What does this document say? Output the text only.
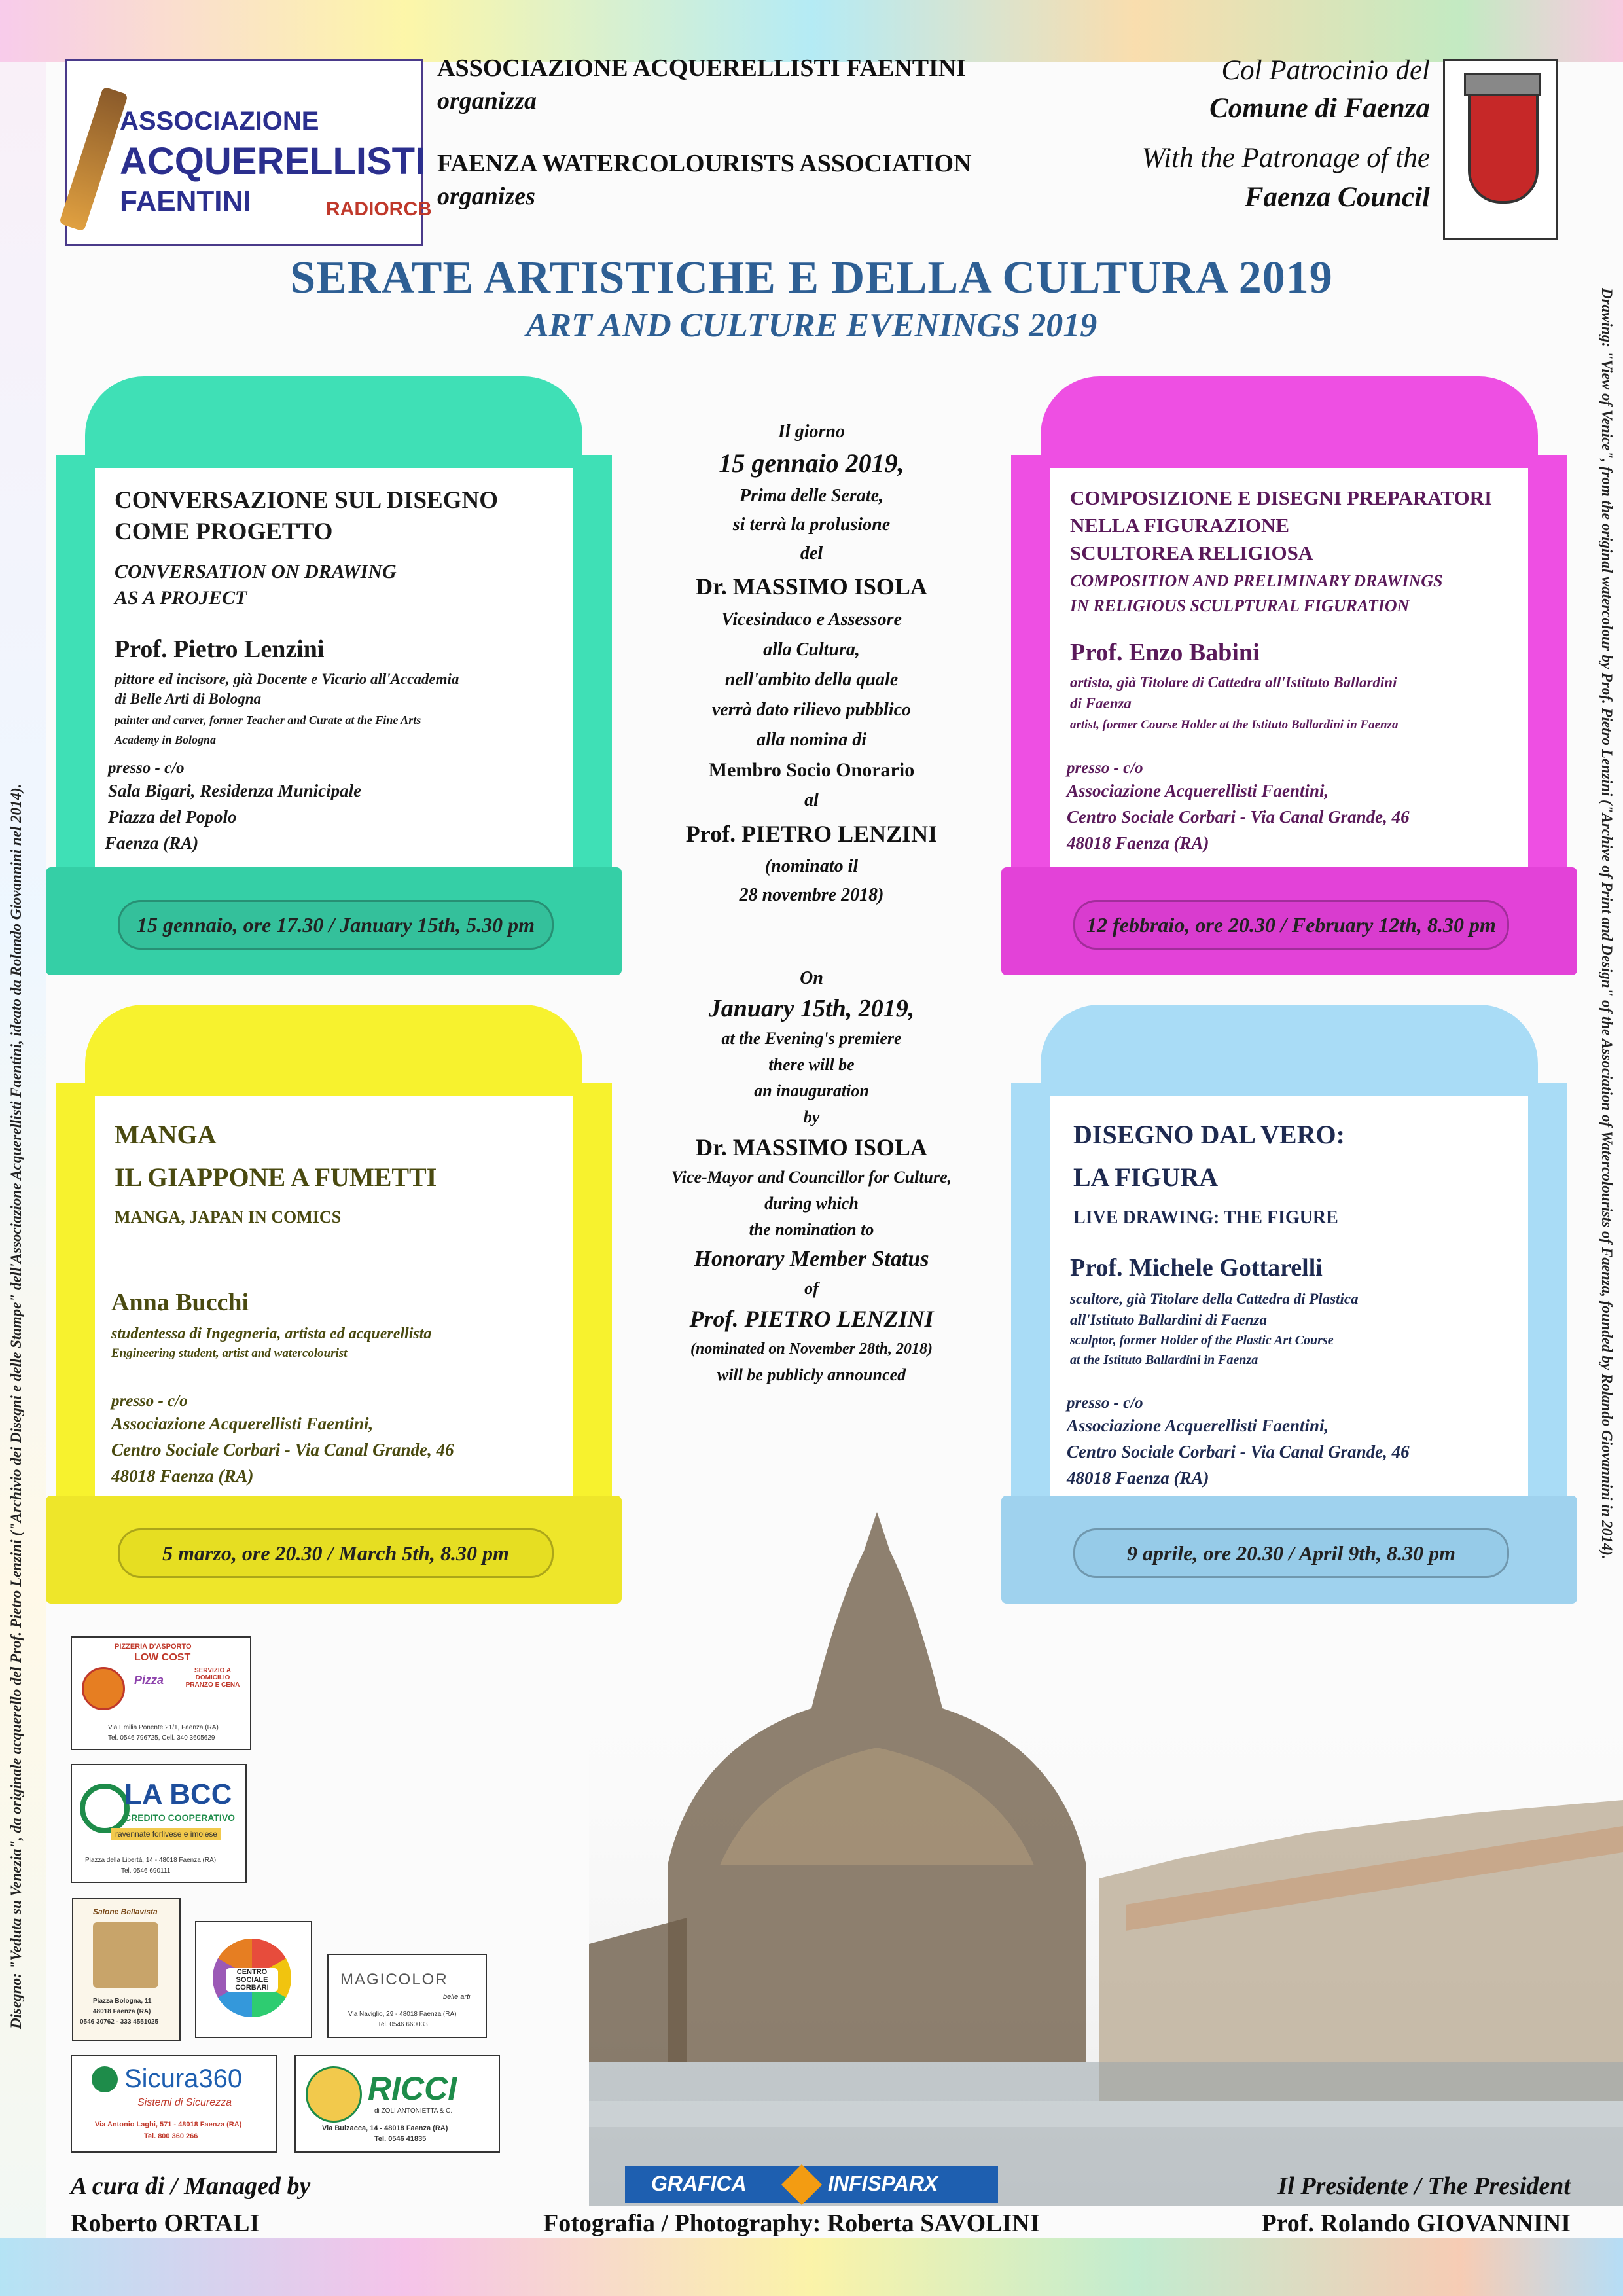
ASSOCIAZIONE
ACQUERELLISTI
FAENTINI	RADIORCB
ASSOCIAZIONE ACQUERELLISTI FAENTINI
organizza
FAENZA WATERCOLOURISTS ASSOCIATION
organizes
Col Patrocinio del
Comune di Faenza
With the Patronage of the
Faenza Council
SERATE ARTISTICHE E DELLA CULTURA 2019
ART AND CULTURE EVENINGS 2019
15 gennaio, ore 17.30 / January 15th, 5.30 pm
CONVERSAZIONE SUL DISEGNO
COME PROGETTO
CONVERSATION ON DRAWING
AS A PROJECT
Prof. Pietro Lenzini
pittore ed incisore, già Docente e Vicario all'Accademia
di Belle Arti di Bologna
painter and carver, former Teacher and Curate at the Fine Arts
Academy in Bologna
presso - c/o
Sala Bigari, Residenza Municipale
Piazza del Popolo
Faenza (RA)
12 febbraio, ore 20.30 / February 12th, 8.30 pm
COMPOSIZIONE E DISEGNI PREPARATORI
NELLA FIGURAZIONE
SCULTOREA RELIGIOSA
COMPOSITION AND PRELIMINARY DRAWINGS
IN RELIGIOUS SCULPTURAL FIGURATION
Prof. Enzo Babini
artista, già Titolare di Cattedra all'Istituto Ballardini
di Faenza
artist, former Course Holder at the Istituto Ballardini in Faenza
presso - c/o
Associazione Acquerellisti Faentini,
Centro Sociale Corbari - Via Canal Grande, 46
48018 Faenza (RA)
5 marzo, ore 20.30 / March 5th, 8.30 pm
MANGA
IL GIAPPONE A FUMETTI
MANGA, JAPAN IN COMICS
Anna Bucchi
studentessa di Ingegneria, artista ed acquerellista
Engineering student, artist and watercolourist
presso - c/o
Associazione Acquerellisti Faentini,
Centro Sociale Corbari - Via Canal Grande, 46
48018 Faenza (RA)
9 aprile, ore 20.30 / April 9th, 8.30 pm
DISEGNO DAL VERO:
LA FIGURA
LIVE DRAWING: THE FIGURE
Prof. Michele Gottarelli
scultore, già Titolare della Cattedra di Plastica
all'Istituto Ballardini di Faenza
sculptor, former Holder of the Plastic Art Course
at the Istituto Ballardini in Faenza
presso - c/o
Associazione Acquerellisti Faentini,
Centro Sociale Corbari - Via Canal Grande, 46
48018 Faenza (RA)
Il giorno
15 gennaio 2019,
Prima delle Serate,
si terrà la prolusione
del
Dr. MASSIMO ISOLA
Vicesindaco e Assessore
alla Cultura,
nell'ambito della quale
verrà dato rilievo pubblico
alla nomina di
Membro Socio Onorario
al
Prof. PIETRO LENZINI
(nominato il
28 novembre 2018)
On
January 15th, 2019,
at the Evening's premiere
there will be
an inauguration
by
Dr. MASSIMO ISOLA
Vice-Mayor and Councillor for Culture,
during which
the nomination to
Honorary Member Status
of
Prof. PIETRO LENZINI
(nominated on November 28th, 2018)
will be publicly announced
PIZZERIA D'ASPORTO
LOW COST
Pizza
SERVIZIO A DOMICILIO PRANZO E CENA
Via Emilia Ponente 21/1, Faenza (RA)
Tel. 0546 796725, Cell. 340 3605629
LA BCC
CREDITO COOPERATIVO
ravennate forlivese e imolese
Piazza della Libertà, 14 - 48018 Faenza (RA)
Tel. 0546 690111
Salone Bellavista
Piazza Bologna, 11
48018 Faenza (RA)
0546 30762 - 333 4551025
CENTRO SOCIALE CORBARI	MAGICOLOR
belle arti
Via Naviglio, 29 - 48018 Faenza (RA)
Tel. 0546 660033
Sicura360
Sistemi di Sicurezza
Via Antonio Laghi, 571 - 48018 Faenza (RA)
Tel. 800 360 266
RICCI
di ZOLI ANTONIETTA & C.
Via Bulzacca, 14 - 48018 Faenza (RA)
Tel. 0546 41835
Disegno: "Veduta su Venezia", da originale acquerello del Prof. Pietro Lenzini ("Archivio dei Disegni e delle Stampe" dell'Associazione Acquerellisti Faentini, ideato da Rolando Giovannini nel 2014).	Drawing: "View of Venice", from the original watercolour by Prof. Pietro Lenzini ("Archive of Print and Design" of the Association of Watercolourists of Faenza, founded by Rolando Giovannini in 2014).
A cura di / Managed by
Roberto ORTALI
GRAFICA	INFISPARX
Fotografia / Photography: Roberta SAVOLINI
Il Presidente / The President
Prof. Rolando GIOVANNINI
